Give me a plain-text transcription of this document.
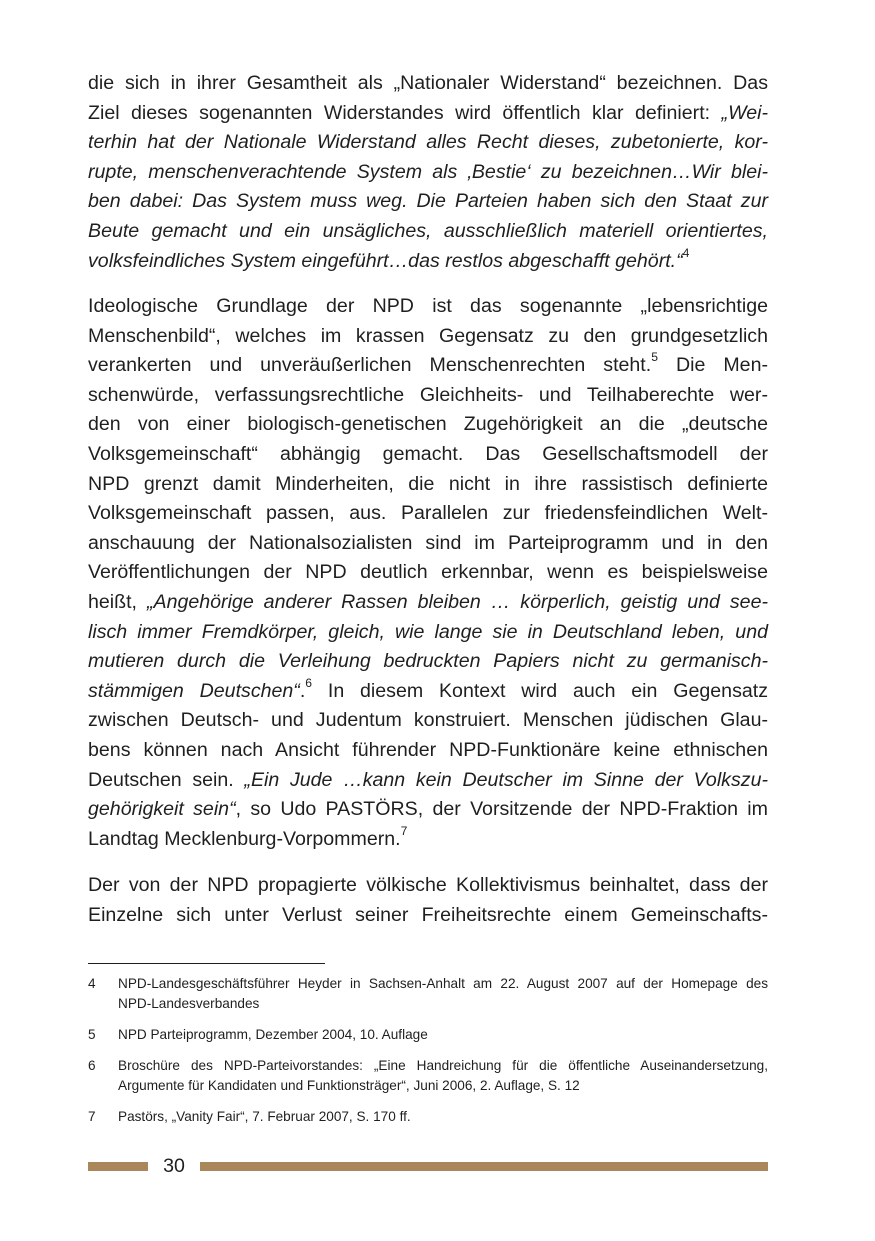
die sich in ihrer Gesamtheit als „Nationaler Widerstand“ bezeichnen. Das
Ziel dieses sogenannten Widerstandes wird öffentlich klar definiert: „Wei-
terhin hat der Nationale Widerstand alles Recht dieses, zubetonierte, kor-
rupte, menschenverachtende System als ‚Bestie‘ zu bezeichnen…Wir blei-
ben dabei: Das System muss weg. Die Parteien haben sich den Staat zur
Beute gemacht und ein unsägliches, ausschließlich materiell orientiertes,
volksfeindliches System eingeführt…das restlos abgeschafft gehört.“$^4$
Ideologische Grundlage der NPD ist das sogenannte „lebensrichtige
Menschenbild“, welches im krassen Gegensatz zu den grundgesetzlich
verankerten und unveräußerlichen Menschenrechten steht.$^5$ Die Men-
schenwürde, verfassungsrechtliche Gleichheits- und Teilhaberechte wer-
den von einer biologisch-genetischen Zugehörigkeit an die „deutsche
Volksgemeinschaft“ abhängig gemacht. Das Gesellschaftsmodell der
NPD grenzt damit Minderheiten, die nicht in ihre rassistisch definierte
Volksgemeinschaft passen, aus. Parallelen zur friedensfeindlichen Welt-
anschauung der Nationalsozialisten sind im Parteiprogramm und in den
Veröffentlichungen der NPD deutlich erkennbar, wenn es beispielsweise
heißt, „Angehörige anderer Rassen bleiben … körperlich, geistig und see-
lisch immer Fremdkörper, gleich, wie lange sie in Deutschland leben, und
mutieren durch die Verleihung bedruckten Papiers nicht zu germanisch-
stämmigen Deutschen“.$^6$ In diesem Kontext wird auch ein Gegensatz
zwischen Deutsch- und Judentum konstruiert. Menschen jüdischen Glau-
bens können nach Ansicht führender NPD-Funktionäre keine ethnischen
Deutschen sein. „Ein Jude …kann kein Deutscher im Sinne der Volkszu-
gehörigkeit sein“, so Udo PASTÖRS, der Vorsitzende der NPD-Fraktion im
Landtag Mecklenburg-Vorpommern.$^7$
Der von der NPD propagierte völkische Kollektivismus beinhaltet, dass der
Einzelne sich unter Verlust seiner Freiheitsrechte einem Gemeinschafts-
4 NPD-Landesgeschäftsführer Heyder in Sachsen-Anhalt am 22. August 2007 auf der Homepage des
NPD-Landesverbandes
5 NPD Parteiprogramm, Dezember 2004, 10. Auflage
6 Broschüre des NPD-Parteivorstandes: „Eine Handreichung für die öffentliche Auseinandersetzung,
Argumente für Kandidaten und Funktionsträger“, Juni 2006, 2. Auflage, S. 12
7 Pastörs, „Vanity Fair“, 7. Februar 2007, S. 170 ff.
30
